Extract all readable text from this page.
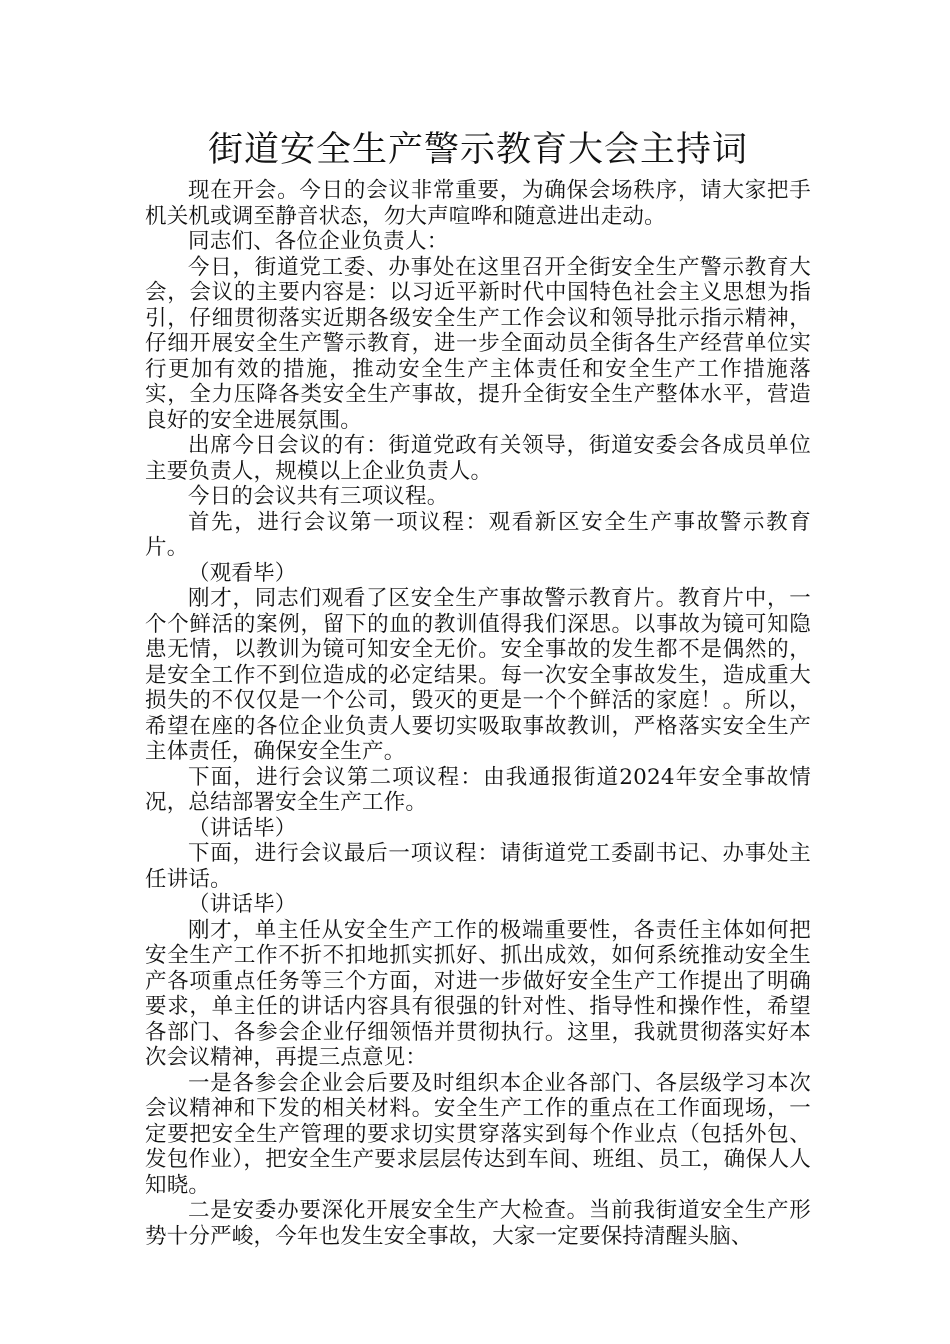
街道安全生产警示教育大会主持词

现在开会。今日的会议非常重要，为确保会场秩序，请大家把手机关机或调至静音状态，勿大声喧哗和随意进出走动。

同志们、各位企业负责人：

今日，街道党工委、办事处在这里召开全街安全生产警示教育大会，会议的主要内容是：以习近平新时代中国特色社会主义思想为指引，仔细贯彻落实近期各级安全生产工作会议和领导批示指示精神，仔细开展安全生产警示教育，进一步全面动员全街各生产经营单位实行更加有效的措施，推动安全生产主体责任和安全生产工作措施落实，全力压降各类安全生产事故，提升全街安全生产整体水平，营造良好的安全进展氛围。

出席今日会议的有：街道党政有关领导，街道安委会各成员单位主要负责人，规模以上企业负责人。

今日的会议共有三项议程。

首先，进行会议第一项议程：观看新区安全生产事故警示教育片。

（观看毕）

刚才，同志们观看了区安全生产事故警示教育片。教育片中，一个个鲜活的案例，留下的血的教训值得我们深思。以事故为镜可知隐患无情，以教训为镜可知安全无价。安全事故的发生都不是偶然的，是安全工作不到位造成的必定结果。每一次安全事故发生，造成重大损失的不仅仅是一个公司，毁灭的更是一个个鲜活的家庭！。所以，希望在座的各位企业负责人要切实吸取事故教训，严格落实安全生产主体责任，确保安全生产。

下面，进行会议第二项议程：由我通报街道2024年安全事故情况，总结部署安全生产工作。

（讲话毕）

下面，进行会议最后一项议程：请街道党工委副书记、办事处主任讲话。

（讲话毕）

刚才，单主任从安全生产工作的极端重要性，各责任主体如何把安全生产工作不折不扣地抓实抓好、抓出成效，如何系统推动安全生产各项重点任务等三个方面，对进一步做好安全生产工作提出了明确要求，单主任的讲话内容具有很强的针对性、指导性和操作性，希望各部门、各参会企业仔细领悟并贯彻执行。这里，我就贯彻落实好本次会议精神，再提三点意见：

一是各参会企业会后要及时组织本企业各部门、各层级学习本次会议精神和下发的相关材料。安全生产工作的重点在工作面现场，一定要把安全生产管理的要求切实贯穿落实到每个作业点（包括外包、发包作业），把安全生产要求层层传达到车间、班组、员工，确保人人知晓。

二是安委办要深化开展安全生产大检查。当前我街道安全生产形势十分严峻，今年也发生安全事故，大家一定要保持清醒头脑、
